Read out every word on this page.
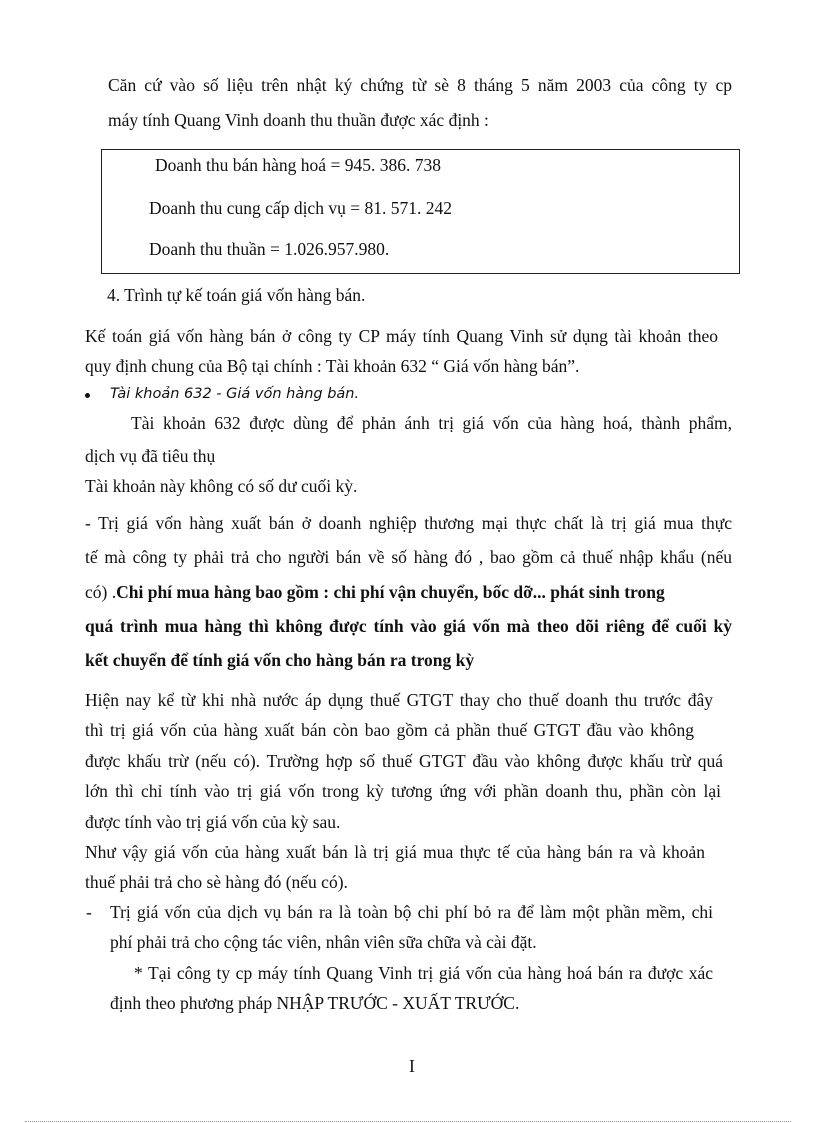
Căn cứ vào số liệu trên nhật ký chứng từ sè 8 tháng 5 năm 2003 của công ty cp
máy tính Quang Vinh doanh thu thuần được xác định :
Doanh thu bán hàng hoá = 945. 386. 738
Doanh thu cung cấp dịch vụ = 81. 571. 242
Doanh thu thuần = 1.026.957.980.
4. Trình tự kế toán giá vốn hàng bán.
Kế toán giá vốn hàng bán ở công ty CP máy tính Quang Vinh sử dụng tài khoản theo
quy định chung của Bộ tại chính : Tài khoản 632 “ Giá vốn hàng bán”.
Tài khoản 632 - Giá vốn hàng bán.
Tài khoản 632 được dùng để phản ánh trị giá vốn của hàng hoá, thành phẩm,
dịch vụ đã tiêu thụ
Tài khoản này không có số dư cuối kỳ.
- Trị giá vốn hàng xuất bán ở doanh nghiệp thương mại thực chất là trị giá mua thực
tế mà công ty phải trả cho người bán về số hàng đó , bao gồm cả thuế nhập khẩu (nếu
có) .Chi phí mua hàng bao gồm : chi phí vận chuyển, bốc dỡ... phát sinh trong
quá trình mua hàng thì không được tính vào giá vốn mà theo dõi riêng để cuối kỳ
kết chuyển để tính giá vốn cho hàng bán ra trong kỳ
Hiện nay kể từ khi nhà nước áp dụng thuế GTGT thay cho thuế doanh thu trước đây
thì trị giá vốn của hàng xuất bán còn bao gồm cả phần thuế GTGT đầu vào không
được khấu trừ (nếu có). Trường hợp số thuế GTGT đầu vào không được khấu trừ quá
lớn thì chỉ tính vào trị giá vốn trong kỳ tương ứng với phần doanh thu, phần còn lại
được tính vào trị giá vốn của kỳ sau.
Như vậy giá vốn của hàng xuất bán là trị giá mua thực tế của hàng bán ra và khoản
thuế phải trả cho sè hàng đó (nếu có).
- Trị giá vốn của dịch vụ bán ra là toàn bộ chi phí bỏ ra để làm một phần mềm, chi
phí phải trả cho cộng tác viên, nhân viên sữa chữa và cài đặt.
* Tại công ty cp máy tính Quang Vinh trị giá vốn của hàng hoá bán ra được xác
định theo phương pháp NHẬP TRƯỚC - XUẤT TRƯỚC.
I
